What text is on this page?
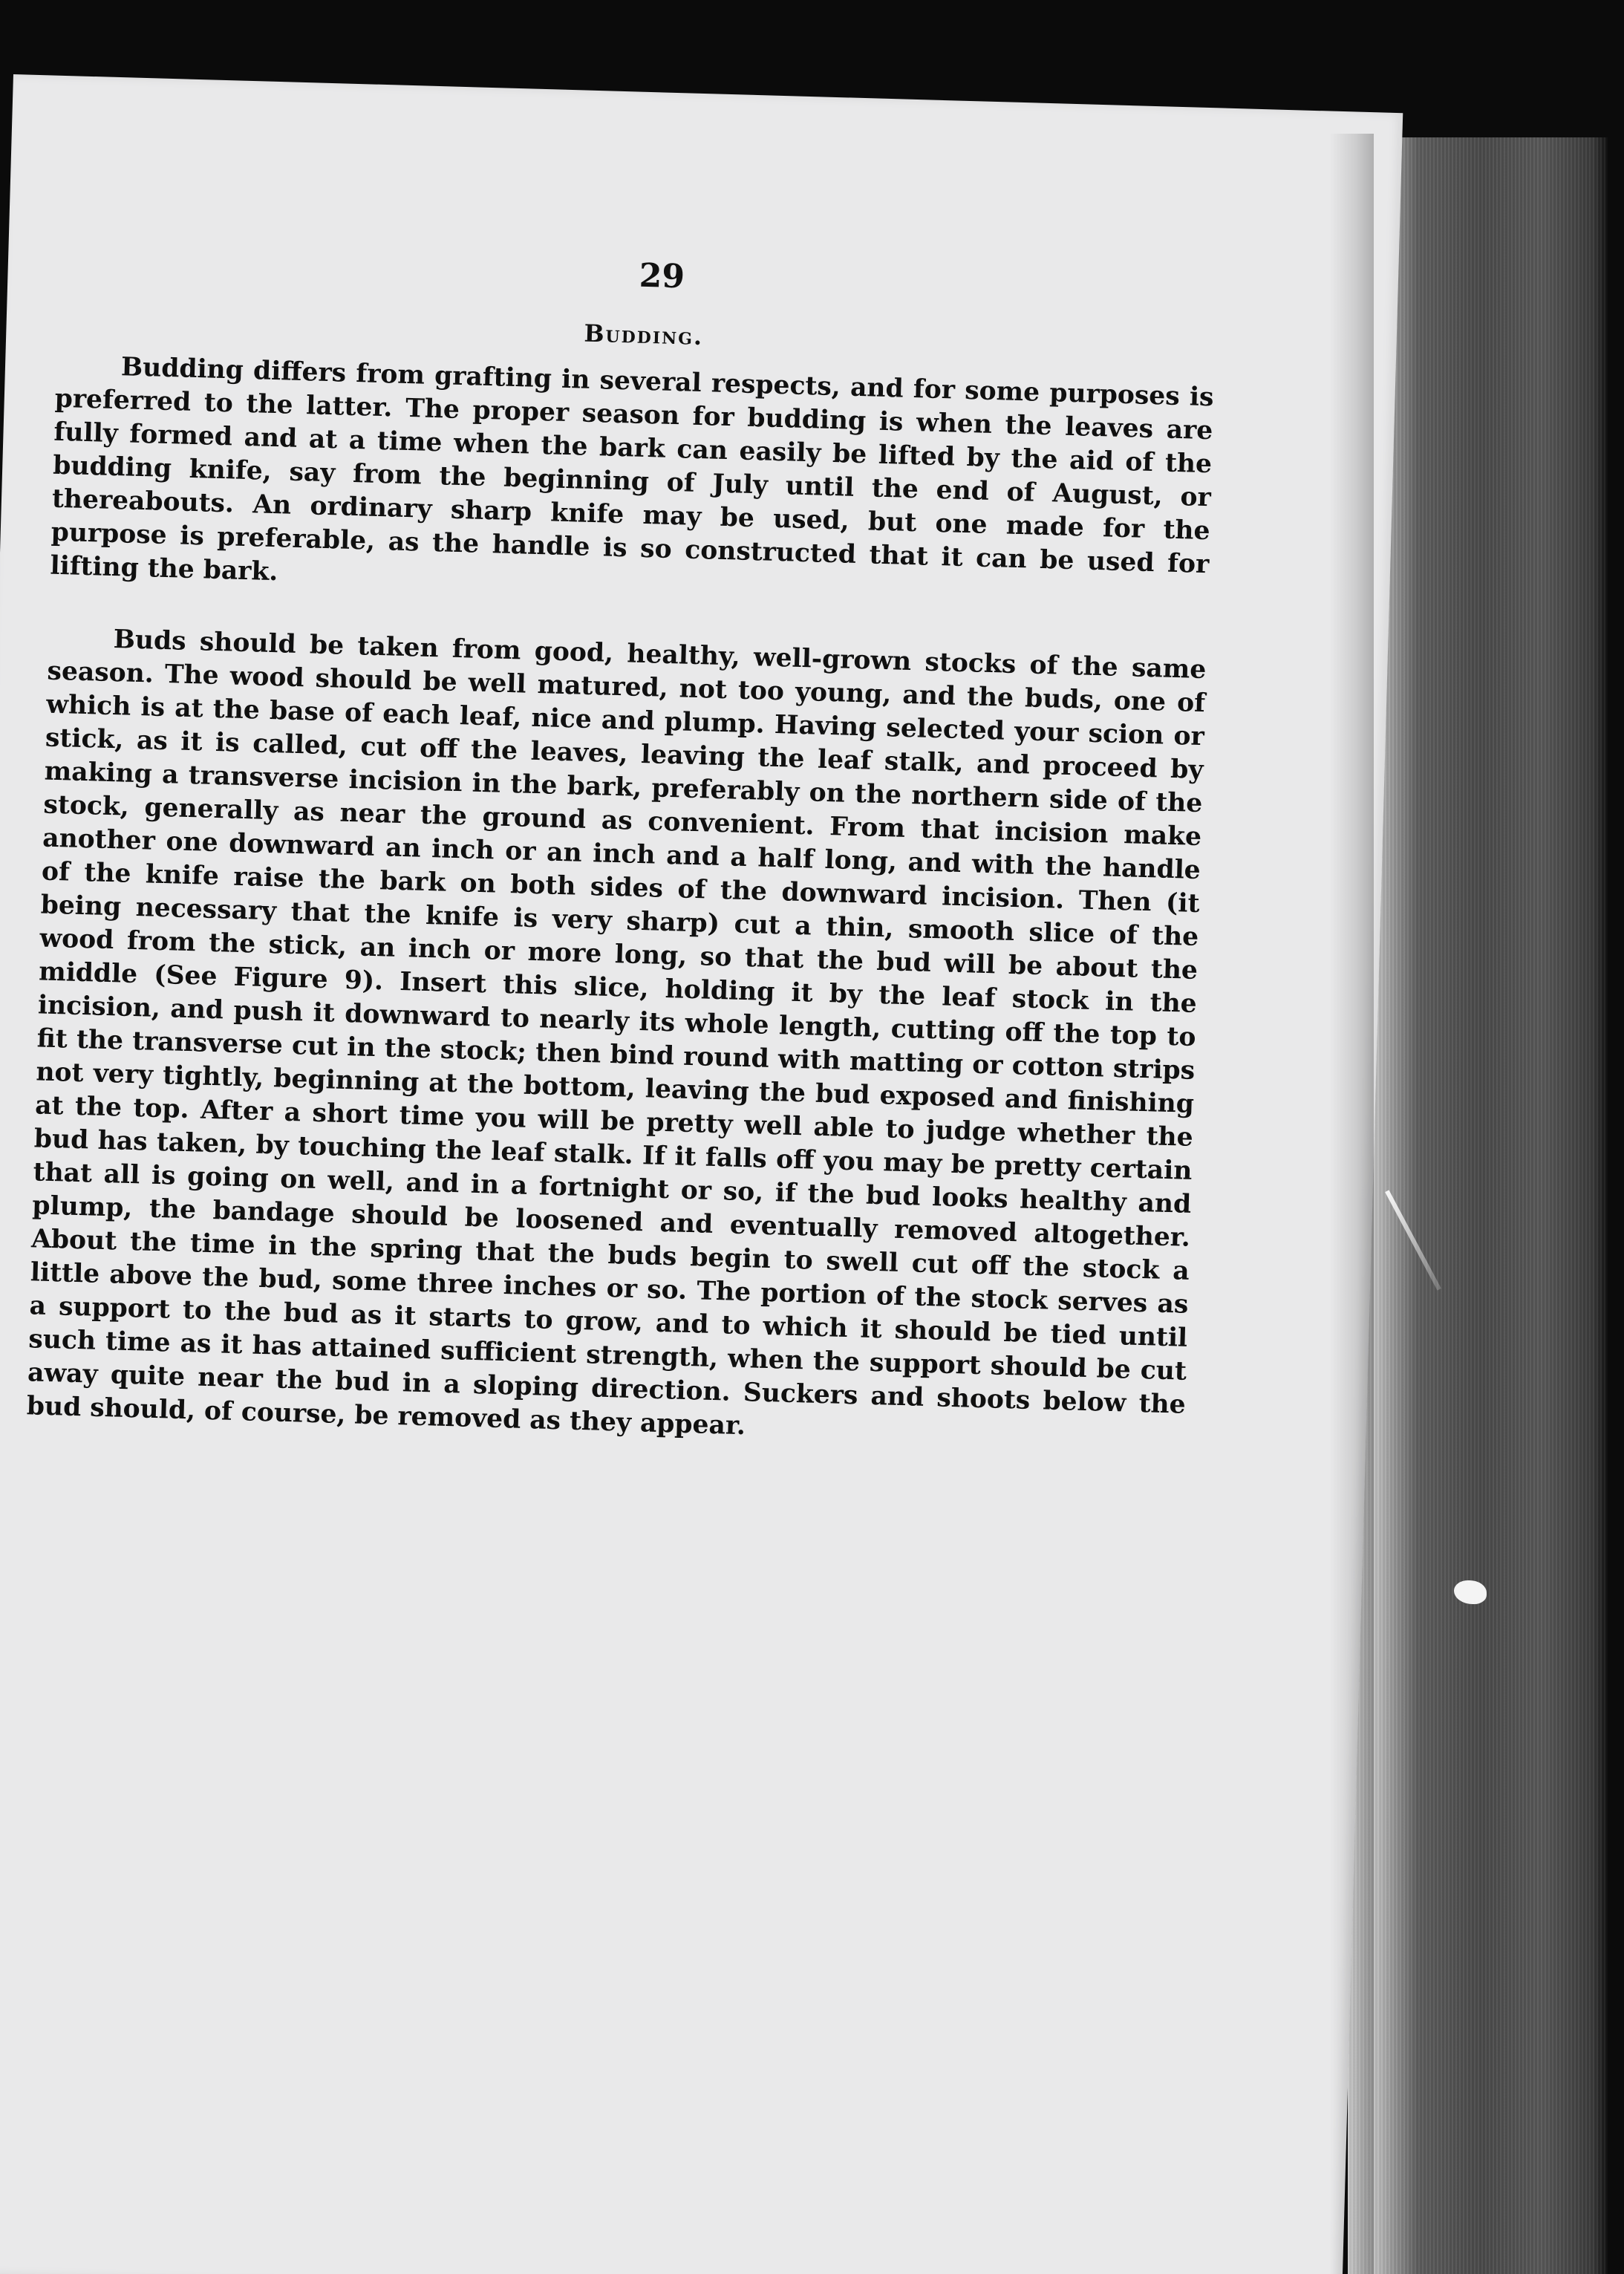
29
Budding.

Budding differs from grafting in several respects, and for some purposes is preferred to the latter. The proper season for budding is when the leaves are fully formed and at a time when the bark can easily be lifted by the aid of the budding knife, say from the beginning of July until the end of August, or thereabouts. An ordinary sharp knife may be used, but one made for the purpose is preferable, as the handle is so constructed that it can be used for lifting the bark.

Buds should be taken from good, healthy, well-grown stocks of the same season. The wood should be well matured, not too young, and the buds, one of which is at the base of each leaf, nice and plump. Having selected your scion or stick, as it is called, cut off the leaves, leaving the leaf stalk, and proceed by making a transverse incision in the bark, preferably on the northern side of the stock, generally as near the ground as convenient. From that incision make another one downward an inch or an inch and a half long, and with the handle of the knife raise the bark on both sides of the downward incision. Then (it being necessary that the knife is very sharp) cut a thin, smooth slice of the wood from the stick, an inch or more long, so that the bud will be about the middle (See Figure 9). Insert this slice, holding it by the leaf stock in the incision, and push it downward to nearly its whole length, cutting off the top to fit the transverse cut in the stock; then bind round with matting or cotton strips not very tightly, beginning at the bottom, leaving the bud exposed and finishing at the top. After a short time you will be pretty well able to judge whether the bud has taken, by touching the leaf stalk. If it falls off you may be pretty certain that all is going on well, and in a fortnight or so, if the bud looks healthy and plump, the bandage should be loosened and eventually removed altogether. About the time in the spring that the buds begin to swell cut off the stock a little above the bud, some three inches or so. The portion of the stock serves as a support to the bud as it starts to grow, and to which it should be tied until such time as it has attained sufficient strength, when the support should be cut away quite near the bud in a sloping direction. Suckers and shoots below the bud should, of course, be removed as they appear.
